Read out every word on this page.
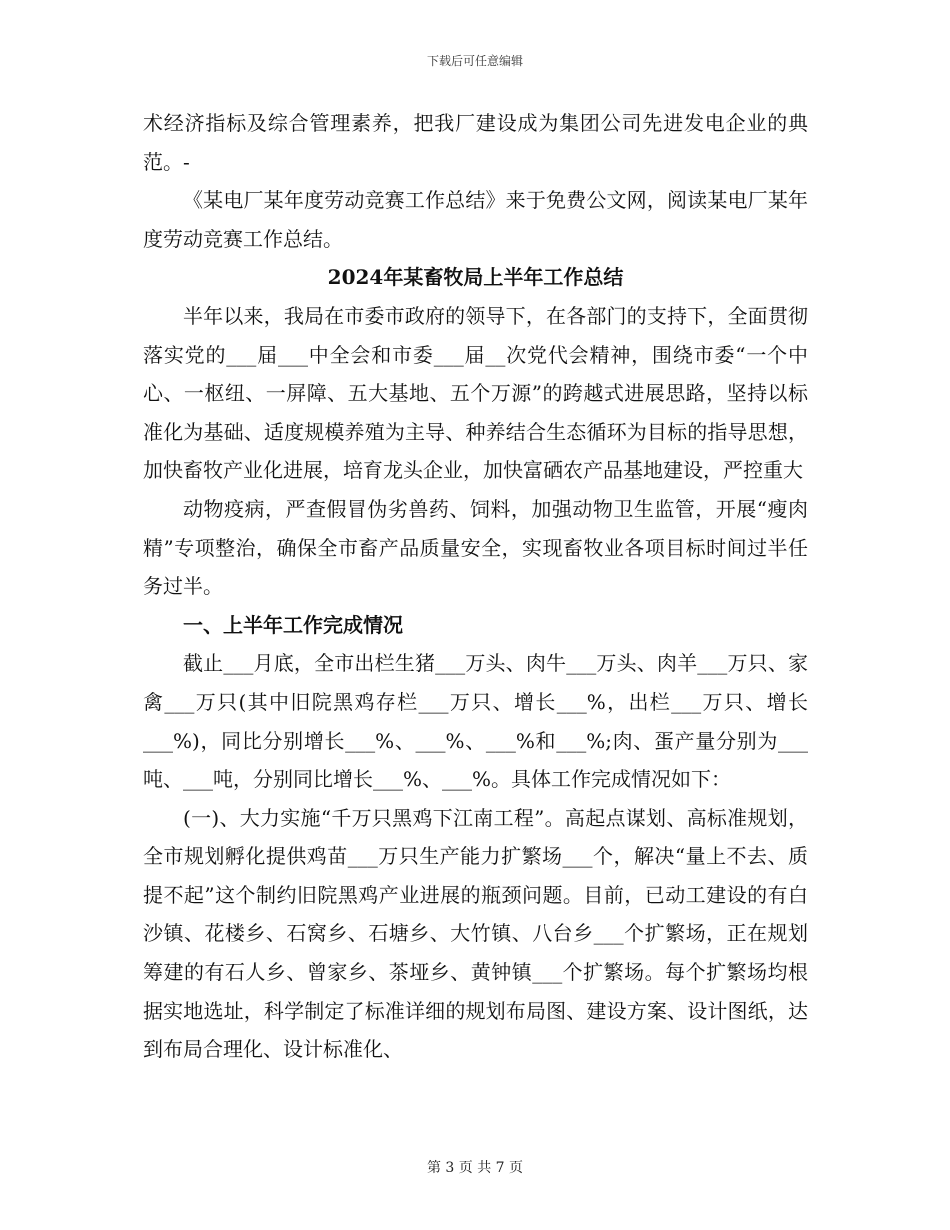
下载后可任意编辑

术经济指标及综合管理素养，把我厂建设成为集团公司先进发电企业的典范。-

《某电厂某年度劳动竞赛工作总结》来于免费公文网，阅读某电厂某年度劳动竞赛工作总结。

2024年某畜牧局上半年工作总结

半年以来，我局在市委市政府的领导下，在各部门的支持下，全面贯彻落实党的___届___中全会和市委___届__次党代会精神，围绕市委“一个中心、一枢纽、一屏障、五大基地、五个万源”的跨越式进展思路，坚持以标准化为基础、适度规模养殖为主导、种养结合生态循环为目标的指导思想，加快畜牧产业化进展，培育龙头企业，加快富硒农产品基地建设，严控重大

动物疫病，严查假冒伪劣兽药、饲料，加强动物卫生监管，开展“瘦肉精”专项整治，确保全市畜产品质量安全，实现畜牧业各项目标时间过半任务过半。

一、上半年工作完成情况

截止___月底，全市出栏生猪___万头、肉牛___万头、肉羊___万只、家禽___万只(其中旧院黑鸡存栏___万只、增长___%，出栏___万只、增长___%)，同比分别增长___%、___%、___%和___%;肉、蛋产量分别为___吨、___吨，分别同比增长___%、___%。具体工作完成情况如下：

(一)、大力实施“千万只黑鸡下江南工程”。高起点谋划、高标准规划，全市规划孵化提供鸡苗___万只生产能力扩繁场___个，解决“量上不去、质提不起”这个制约旧院黑鸡产业进展的瓶颈问题。目前，已动工建设的有白沙镇、花楼乡、石窝乡、石塘乡、大竹镇、八台乡___个扩繁场，正在规划筹建的有石人乡、曾家乡、茶垭乡、黄钟镇___个扩繁场。每个扩繁场均根据实地选址，科学制定了标准详细的规划布局图、建设方案、设计图纸，达到布局合理化、设计标准化、

第 3 页 共 7 页
